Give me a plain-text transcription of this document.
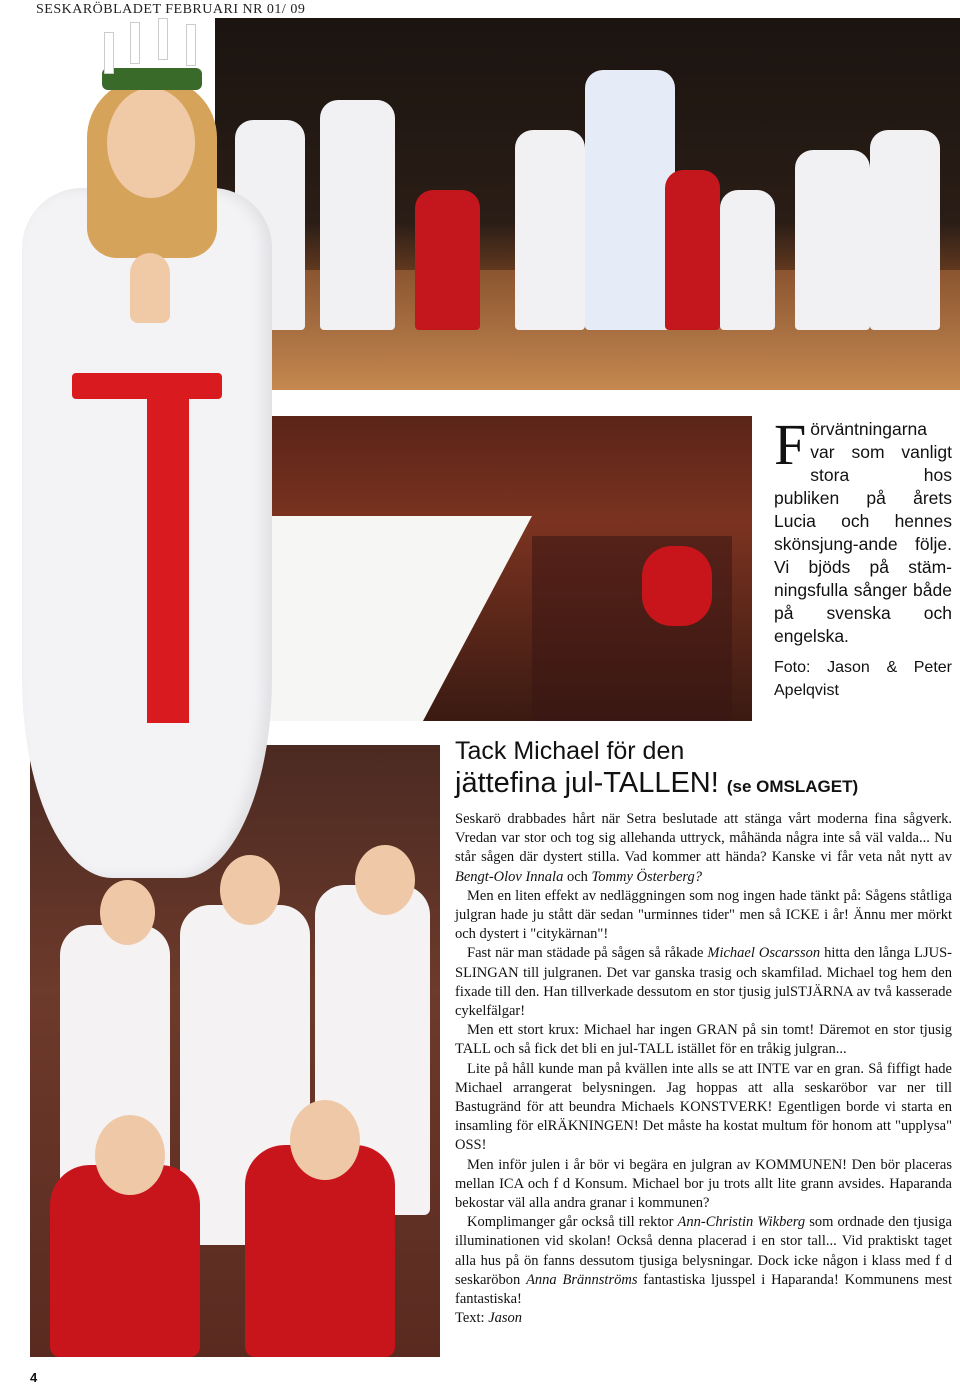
SESKARÖBLADET FEBRUARI NR 01/ 09
Förväntningarna var som vanligt stora hos publiken på årets Lucia och hennes skönsjung-ande följe. Vi bjöds på stäm-ningsfulla sånger både på svenska och engelska.
Foto: Jason & Peter Apelqvist
Tack Michael för den
jättefina jul-TALLEN! (se OMSLAGET)

Seskarö drabbades hårt när Setra beslutade att stänga vårt moderna fina sågverk. Vredan var stor och tog sig allehanda uttryck, måhända några inte så väl valda... Nu står sågen där dystert stilla. Vad kommer att hända? Kanske vi får veta nåt nytt av Bengt-Olov Innala och Tommy Österberg?

Men en liten effekt av nedläggningen som nog ingen hade tänkt på: Sågens ståtliga julgran hade ju stått där sedan "urminnes tider" men så ICKE i år! Ännu mer mörkt och dystert i "citykärnan"!

Fast när man städade på sågen så råkade Michael Oscarsson hitta den långa LJUS-SLINGAN till julgranen. Det var ganska trasig och skamfilad. Michael tog hem den fixade till den. Han tillverkade dessutom en stor tjusig julSTJÄRNA av två kasserade cykelfälgar!

Men ett stort krux: Michael har ingen GRAN på sin tomt! Däremot en stor tjusig TALL och så fick det bli en jul-TALL istället för en tråkig julgran...

Lite på håll kunde man på kvällen inte alls se att INTE var en gran. Så fiffigt hade Michael arrangerat belysningen. Jag hoppas att alla seskaröbor var ner till Bastugränd för att beundra Michaels KONSTVERK! Egentligen borde vi starta en insamling för elRÄKNINGEN! Det måste ha kostat multum för honom att "upplysa" OSS!

Men inför julen i år bör vi begära en julgran av KOMMUNEN! Den bör placeras mellan ICA och f d Konsum. Michael bor ju trots allt lite grann avsides. Haparanda bekostar väl alla andra granar i kommunen?

Komplimanger går också till rektor Ann-Christin Wikberg som ordnade den tjusiga illuminationen vid skolan! Också denna placerad i en stor tall... Vid praktiskt taget alla hus på ön fanns dessutom tjusiga belysningar. Dock icke någon i klass med f d seskaröbon Anna Brännströms fantastiska ljusspel i Haparanda! Kommunens mest fantastiska!

Text: Jason

4
